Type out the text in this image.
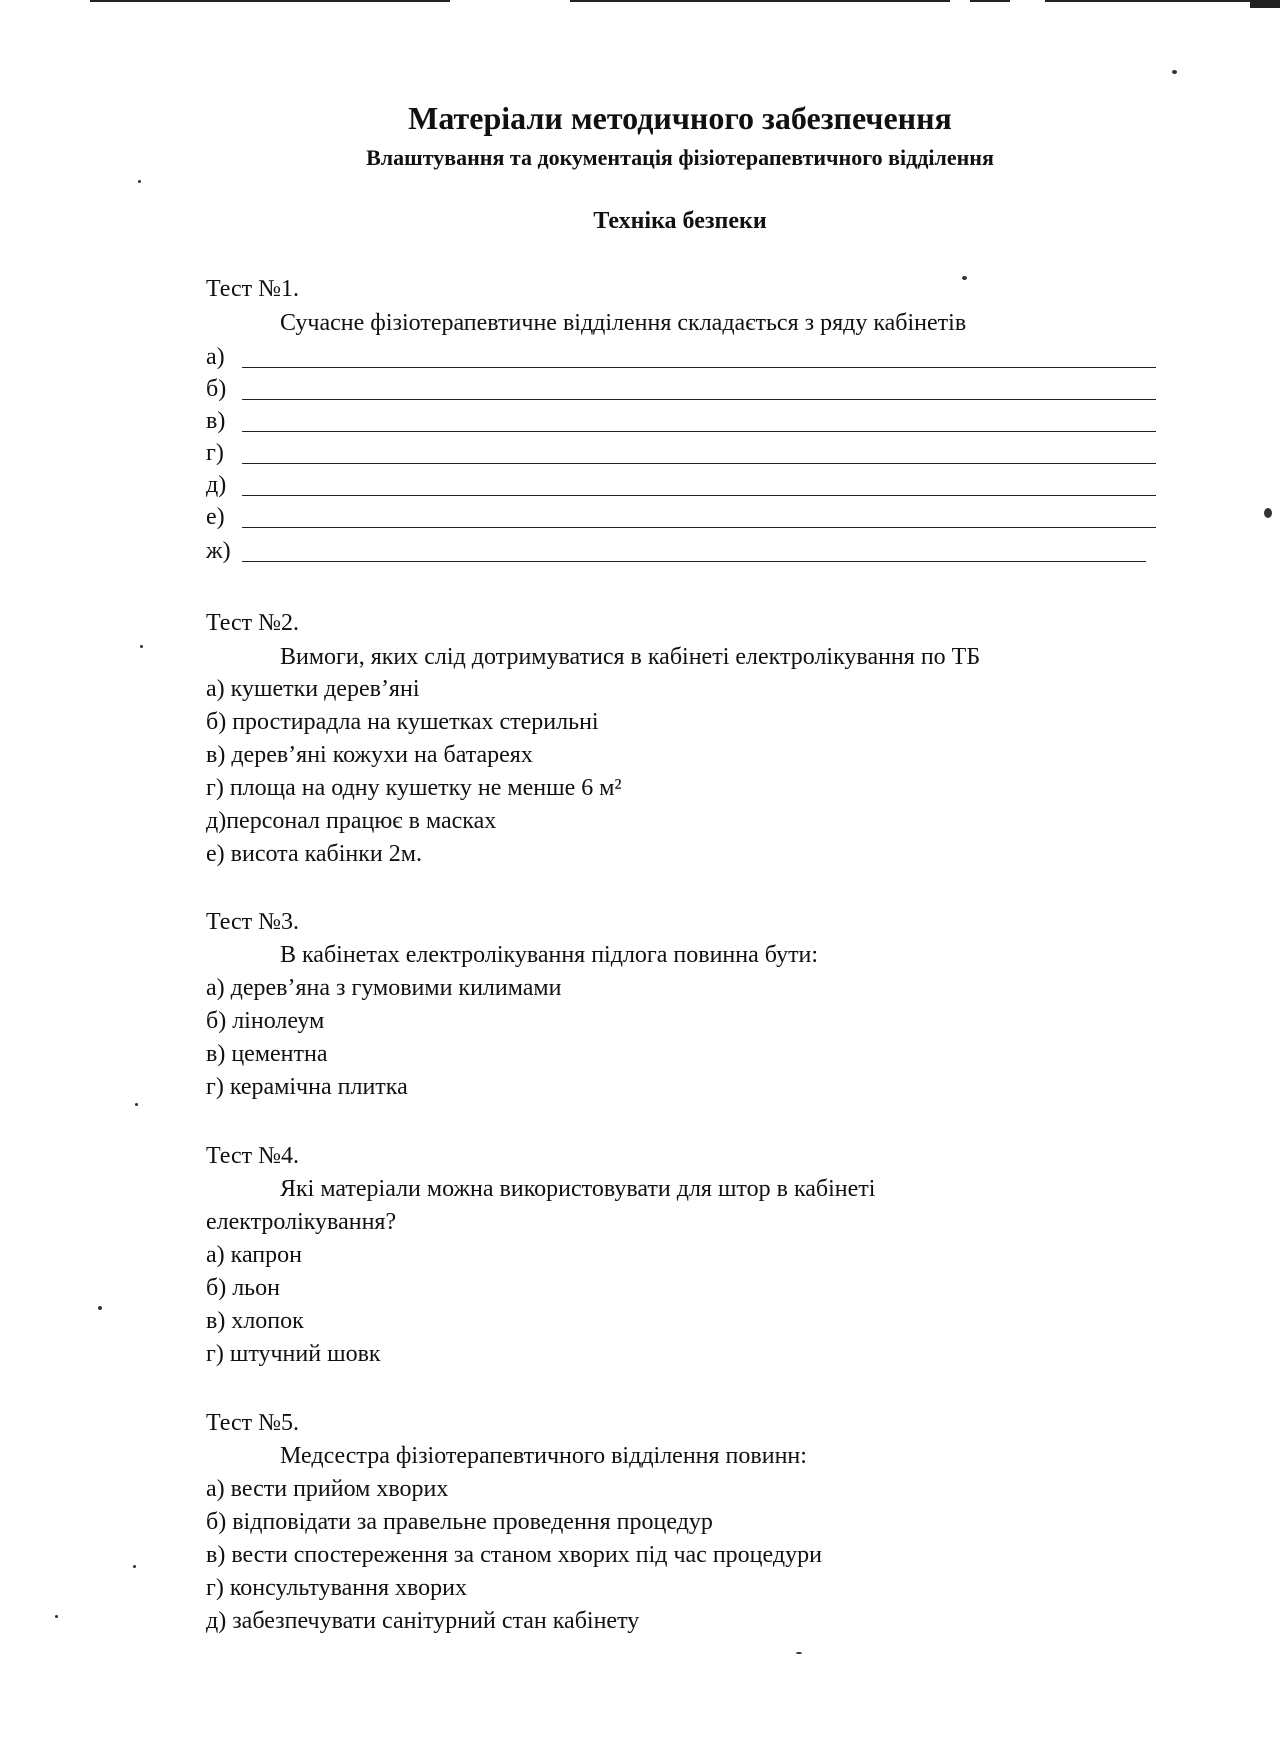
Матеріали методичного забезпечення
Влаштування та документація фізіотерапевтичного відділення
Техніка безпеки
Тест №1.
Сучасне фізіотерапевтичне відділення складається з ряду кабінетів
а)
б)
в)
г)
д)
е)
ж)
Тест №2.
Вимоги, яких слід дотримуватися в кабінеті електролікування по ТБ
а) кушетки дерев’яні
б) простирадла на кушетках стерильні
в) дерев’яні кожухи на батареях
г) площа на одну кушетку не менше 6 м²
д)персонал працює в масках
е) висота кабінки 2м.
Тест №3.
В кабінетах електролікування підлога повинна бути:
а) дерев’яна з гумовими килимами
б) лінолеум
в) цементна
г) керамічна плитка
Тест №4.
Які матеріали можна використовувати для штор в кабінеті
електролікування?
а) капрон
б) льон
в) хлопок
г) штучний шовк
Тест №5.
Медсестра фізіотерапевтичного відділення повинн:
а) вести прийом хворих
б) відповідати за правельне проведення процедур
в) вести спостереження за станом хворих під час процедури
г) консультування хворих
д) забезпечувати санітурний стан кабінету
